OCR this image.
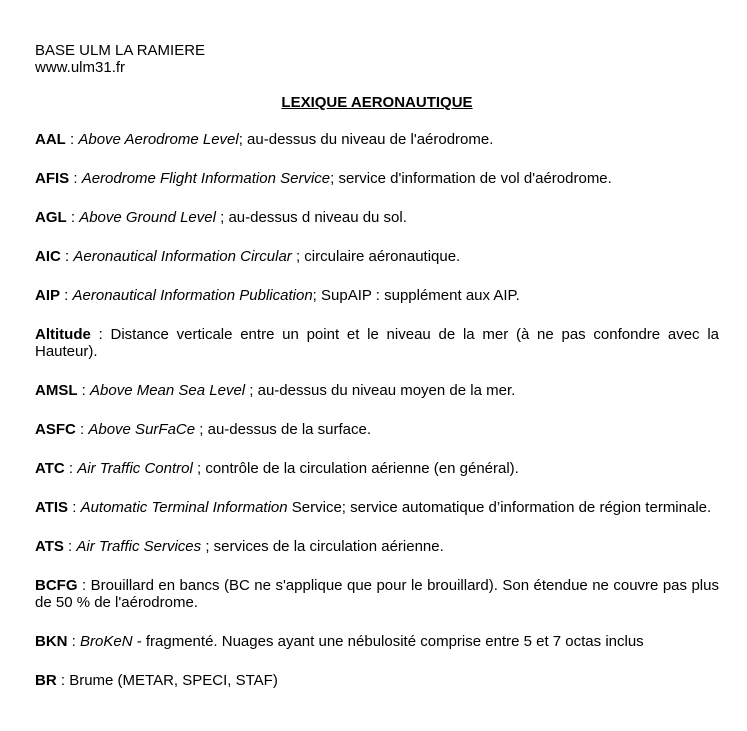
BASE ULM LA RAMIERE
www.ulm31.fr
LEXIQUE AERONAUTIQUE

AAL : Above Aerodrome Level; au-dessus du niveau de l'aérodrome.

AFIS : Aerodrome Flight Information Service; service d'information de vol d'aérodrome.

AGL : Above Ground Level ; au-dessus d niveau du sol.

AIC : Aeronautical Information Circular ; circulaire aéronautique.

AIP : Aeronautical Information Publication; SupAIP : supplément aux AIP.

Altitude : Distance verticale entre un point et le niveau de la mer (à ne pas confondre avec la Hauteur).

AMSL : Above Mean Sea Level ; au-dessus du niveau moyen de la mer.

ASFC : Above SurFaCe ; au-dessus de la surface.

ATC : Air Traffic Control ; contrôle de la circulation aérienne (en général).

ATIS : Automatic Terminal Information Service; service automatique d’information de région terminale.

ATS : Air Traffic Services ; services de la circulation aérienne.

BCFG : Brouillard en bancs (BC ne s'applique que pour le brouillard). Son étendue ne couvre pas plus de 50 % de l'aérodrome.

BKN : BroKeN - fragmenté. Nuages ayant une nébulosité comprise entre 5 et 7 octas inclus

BR : Brume (METAR, SPECI, STAF)
